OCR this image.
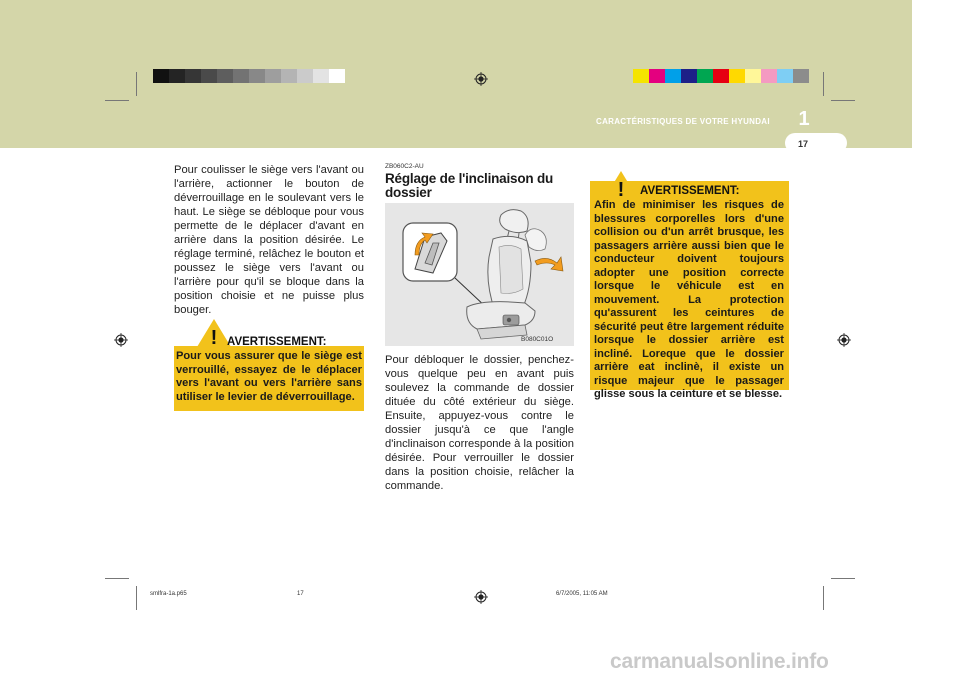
CARACTÉRISTIQUES DE VOTRE HYUNDAI	1
17
Pour coulisser le siège vers l'avant ou l'arrière, actionner le bouton de déverrouillage en le soulevant vers le haut. Le siège se débloque pour vous permette de le déplacer d'avant en arrière dans la position désirée. Le réglage terminé, relâchez le bouton et poussez le siège vers l'avant ou l'arrière pour qu'il se bloque dans la position choisie et ne puisse plus bouger.
! AVERTISSEMENT:
Pour vous assurer que le siège est verrouillé, essayez de le déplacer vers l'avant ou vers l'arrière sans utiliser le levier de déverrouillage.
ZB060C2-AU
Réglage de l'inclinaison du dossier
B080C01O
Pour débloquer le dossier, penchez-vous quelque peu en avant puis soulevez la commande de dossier dituée du côté extérieur du siège. Ensuite, appuyez-vous contre le dossier jusqu'à ce que l'angle d'inclinaison corresponde à la position désirée. Pour verrouiller le dossier dans la position choisie, relâcher la commande.
! AVERTISSEMENT:
Afin de minimiser les risques de blessures corporelles lors d'une collision ou d'un arrêt brusque, les passagers arrière aussi bien que le conducteur doivent toujours adopter une position correcte lorsque le véhicule est en mouvement. La protection qu'assurent les ceintures de sécurité peut être largement réduite lorsque le dossier arrière est incliné. Loreque que le dossier arrière eat inclinè, il existe un risque majeur que le passager glisse sous la ceinture et se blesse.
smlfra-1a.p65	17	6/7/2005, 11:05 AM
carmanualsonline.info
